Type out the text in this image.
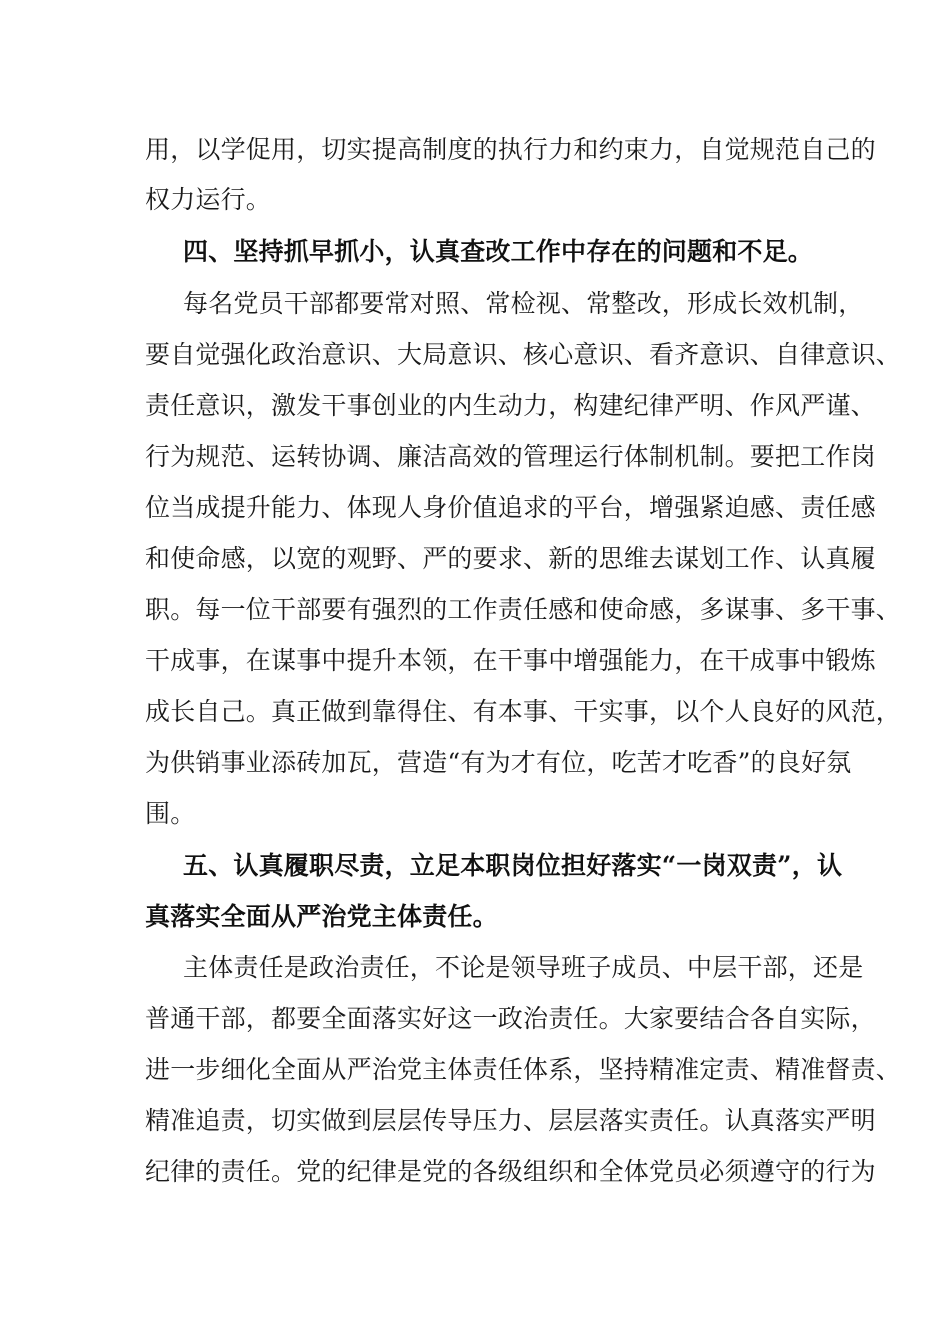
用，以学促用，切实提高制度的执行力和约束力，自觉规范自己的
权力运行。
四、坚持抓早抓小，认真查改工作中存在的问题和不足。
每名党员干部都要常对照、常检视、常整改，形成长效机制，
要自觉强化政治意识、大局意识、核心意识、看齐意识、自律意识、
责任意识，激发干事创业的内生动力，构建纪律严明、作风严谨、
行为规范、运转协调、廉洁高效的管理运行体制机制。要把工作岗
位当成提升能力、体现人身价值追求的平台，增强紧迫感、责任感
和使命感，以宽的观野、严的要求、新的思维去谋划工作、认真履
职。每一位干部要有强烈的工作责任感和使命感，多谋事、多干事、
干成事，在谋事中提升本领，在干事中增强能力，在干成事中锻炼
成长自己。真正做到靠得住、有本事、干实事，以个人良好的风范，
为供销事业添砖加瓦，营造“有为才有位，吃苦才吃香”的良好氛
围。
五、认真履职尽责，立足本职岗位担好落实“一岗双责”，认
真落实全面从严治党主体责任。
主体责任是政治责任，不论是领导班子成员、中层干部，还是
普通干部，都要全面落实好这一政治责任。大家要结合各自实际，
进一步细化全面从严治党主体责任体系，坚持精准定责、精准督责、
精准追责，切实做到层层传导压力、层层落实责任。认真落实严明
纪律的责任。党的纪律是党的各级组织和全体党员必须遵守的行为
